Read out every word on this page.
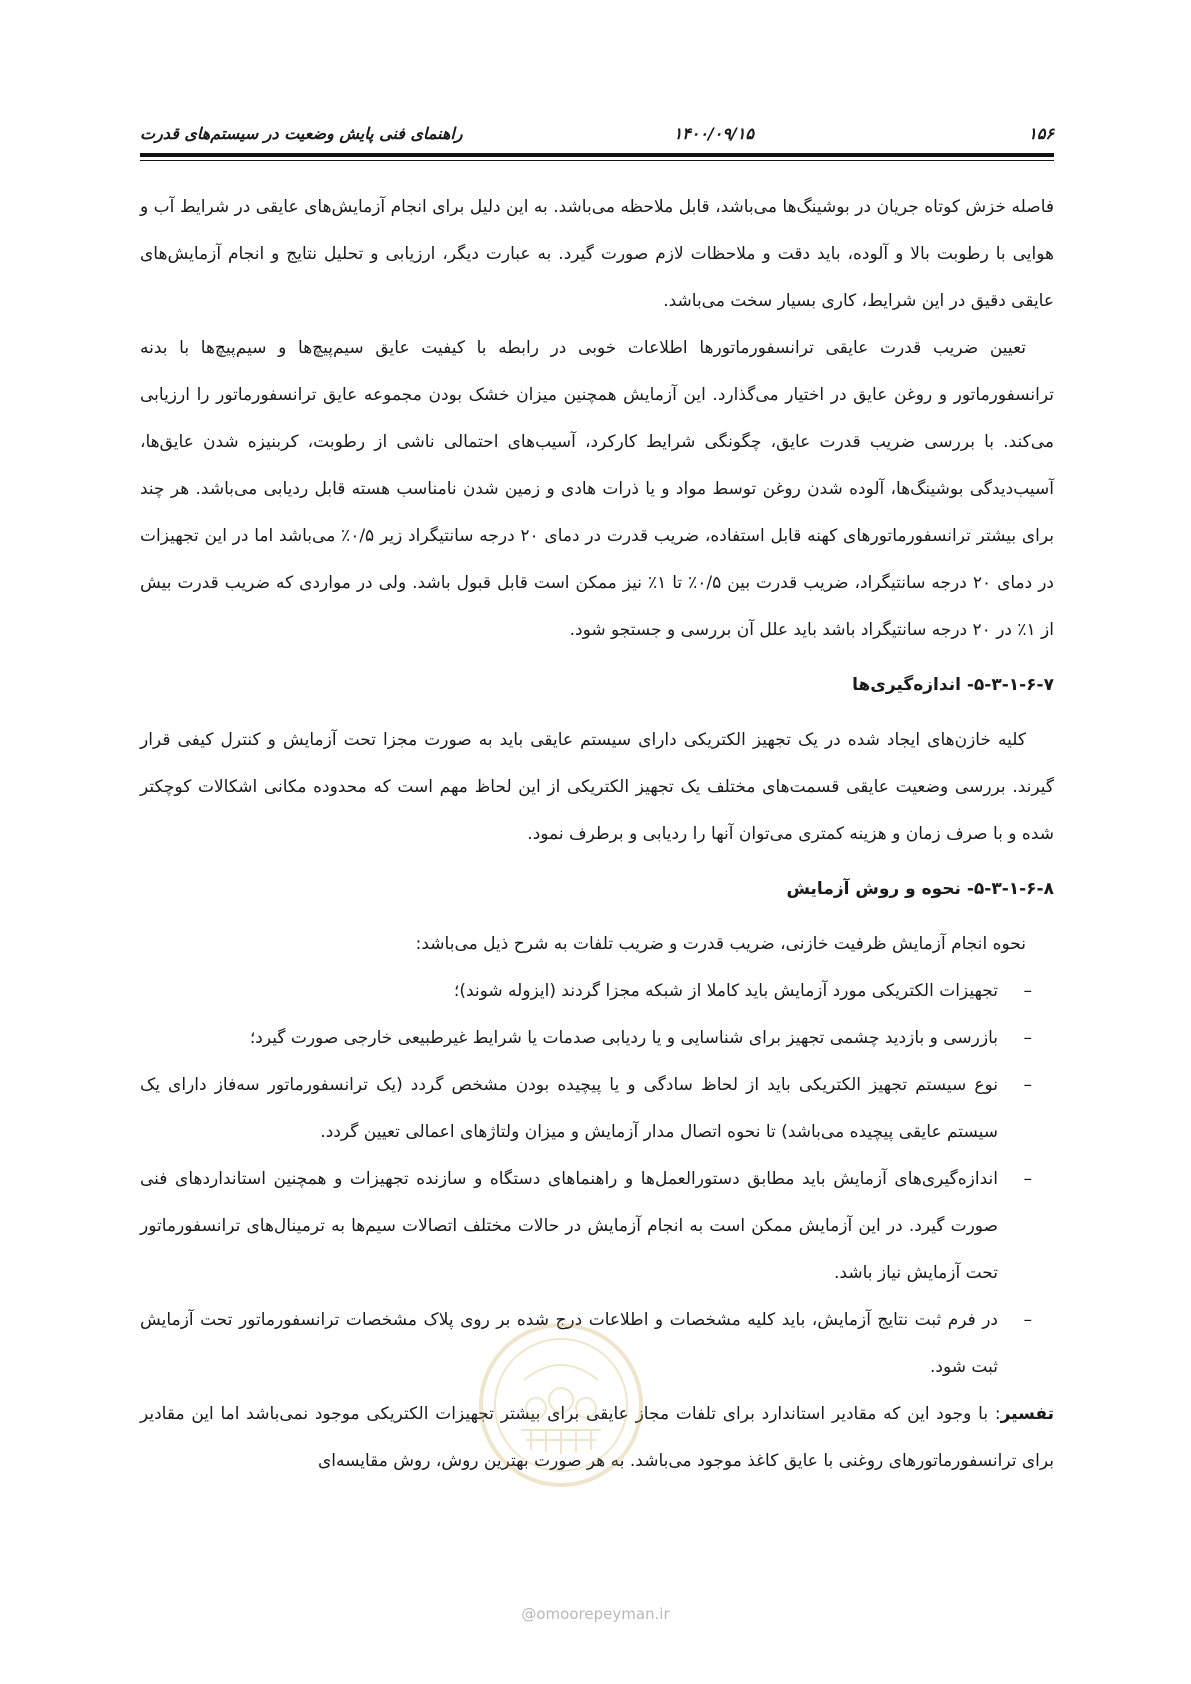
۱۵۶
۱۴۰۰/۰۹/۱۵
راهنمای فنی پایش وضعیت در سیستم‌های قدرت

فاصله خزش کوتاه جریان در بوشینگ‌ها می‌باشد، قابل ملاحظه می‌باشد. به این دلیل برای انجام آزمایش‌های عایقی در شرایط آب و هوایی با رطوبت بالا و آلوده، باید دقت و ملاحظات لازم صورت گیرد. به عبارت دیگر، ارزیابی و تحلیل نتایج و انجام آزمایش‌های عایقی دقیق در این شرایط، کاری بسیار سخت می‌باشد.

تعیین ضریب قدرت عایقی ترانسفورماتورها اطلاعات خوبی در رابطه با کیفیت عایق سیم‌پیچ‌ها و سیم‌پیچ‌ها با بدنه ترانسفورماتور و روغن عایق در اختیار می‌گذارد. این آزمایش همچنین میزان خشک بودن مجموعه عایق ترانسفورماتور را ارزیابی می‌کند. با بررسی ضریب قدرت عایق، چگونگی شرایط کارکرد، آسیب‌های احتمالی ناشی از رطوبت، کربنیزه شدن عایق‌ها، آسیب‌دیدگی بوشینگ‌ها، آلوده شدن روغن توسط مواد و یا ذرات هادی و زمین شدن نامناسب هسته قابل ردیابی می‌باشد. هر چند برای بیشتر ترانسفورماتورهای کهنه قابل استفاده، ضریب قدرت در دمای ۲۰ درجه سانتیگراد زیر ۰/۵٪ می‌باشد اما در این تجهیزات در دمای ۲۰ درجه سانتیگراد، ضریب قدرت بین ۰/۵٪ تا ۱٪ نیز ممکن است قابل قبول باشد. ولی در مواردی که ضریب قدرت بیش از ۱٪ در ۲۰ درجه سانتیگراد باشد باید علل آن بررسی و جستجو شود.

۵-۳-۱-۶-۷- اندازه‌گیری‌ها

کلیه خازن‌های ایجاد شده در یک تجهیز الکتریکی دارای سیستم عایقی باید به صورت مجزا تحت آزمایش و کنترل کیفی قرار گیرند. بررسی وضعیت عایقی قسمت‌های مختلف یک تجهیز الکتریکی از این لحاظ مهم است که محدوده مکانی اشکالات کوچکتر شده و با صرف زمان و هزینه کمتری می‌توان آنها را ردیابی و برطرف نمود.

۵-۳-۱-۶-۸- نحوه و روش آزمایش

نحوه انجام آزمایش ظرفیت خازنی، ضریب قدرت و ضریب تلفات به شرح ذیل می‌باشد:

–
تجهیزات الکتریکی مورد آزمایش باید کاملا از شبکه مجزا گردند (ایزوله شوند)؛
–
بازرسی و بازدید چشمی تجهیز برای شناسایی و یا ردیابی صدمات یا شرایط غیرطبیعی خارجی صورت گیرد؛
–
نوع سیستم تجهیز الکتریکی باید از لحاظ سادگی و یا پیچیده بودن مشخص گردد (یک ترانسفورماتور سه‌فاز دارای یک سیستم عایقی پیچیده می‌باشد) تا نحوه اتصال مدار آزمایش و میزان ولتاژهای اعمالی تعیین گردد.
–
اندازه‌گیری‌های آزمایش باید مطابق دستورالعمل‌ها و راهنماهای دستگاه و سازنده تجهیزات و همچنین استانداردهای فنی صورت گیرد. در این آزمایش ممکن است به انجام آزمایش در حالات مختلف اتصالات سیم‌ها به ترمینال‌های ترانسفورماتور تحت آزمایش نیاز باشد.
–
در فرم ثبت نتایج آزمایش، باید کلیه مشخصات و اطلاعات درج شده بر روی پلاک مشخصات ترانسفورماتور تحت آزمایش ثبت شود.

تفسیر: با وجود این که مقادیر استاندارد برای تلفات مجاز عایقی برای بیشتر تجهیزات الکتریکی موجود نمی‌باشد اما این مقادیر برای ترانسفورماتورهای روغنی با عایق کاغذ موجود می‌باشد. به هر صورت بهترین روش، روش مقایسه‌ای

@omoorepeyman.ir
